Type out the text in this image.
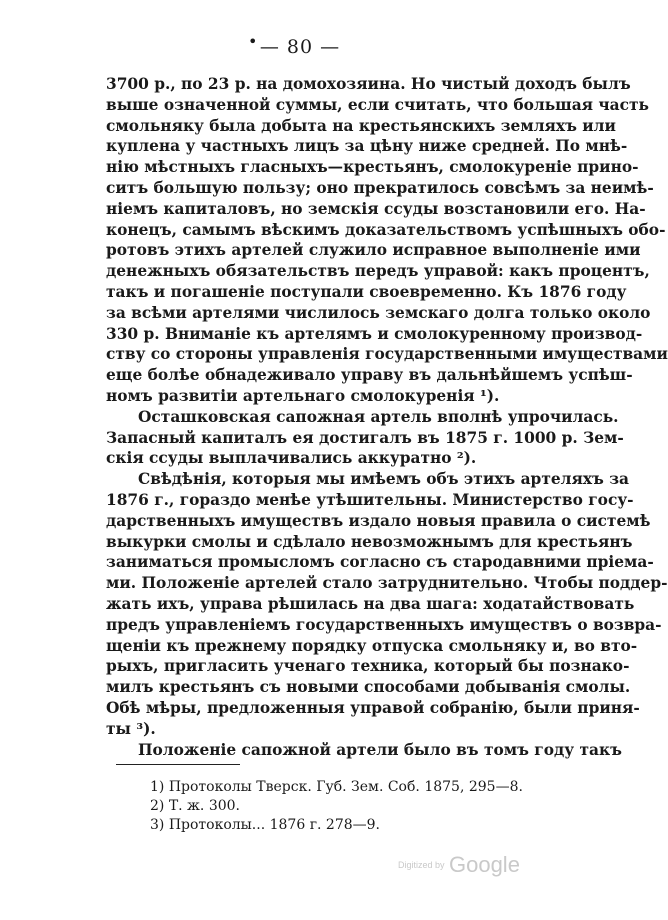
• — 80 —
3700 р., по 23 р. на домохозяина. Но чистый доходъ былъ
выше означенной суммы, если считать, что большая часть
смольняку была добыта на крестьянскихъ земляхъ или
куплена у частныхъ лицъ за цѣну ниже средней. По мнѣ-
нію мѣстныхъ гласныхъ—крестьянъ, смолокуреніе прино-
ситъ большую пользу; оно прекратилось совсѣмъ за неимѣ-
ніемъ капиталовъ, но земскія ссуды возстановили его. На-
конецъ, самымъ вѣскимъ доказательствомъ успѣшныхъ обо-
ротовъ этихъ артелей служило исправное выполненіе ими
денежныхъ обязательствъ передъ управой: какъ процентъ,
такъ и погашеніе поступали своевременно. Къ 1876 году
за всѣми артелями числилось земскаго долга только около
330 р. Вниманіе къ артелямъ и смолокуренному производ-
ству со стороны управленія государственными имуществами
еще болѣе обнадеживало управу въ дальнѣйшемъ успѣш-
номъ развитіи артельнаго смолокуренія ¹).
Осташковская сапожная артель вполнѣ упрочилась.
Запасный капиталъ ея достигалъ въ 1875 г. 1000 р. Зем-
скія ссуды выплачивались аккуратно ²).
Свѣдѣнія, которыя мы имѣемъ объ этихъ артеляхъ за
1876 г., гораздо менѣе утѣшительны. Министерство госу-
дарственныхъ имуществъ издало новыя правила о системѣ
выкурки смолы и сдѣлало невозможнымъ для крестьянъ
заниматься промысломъ согласно съ стародавними пріема-
ми. Положеніе артелей стало затруднительно. Чтобы поддер-
жать ихъ, управа рѣшилась на два шага: ходатайствовать
предъ управленіемъ государственныхъ имуществъ о возвра-
щеніи къ прежнему порядку отпуска смольняку и, во вто-
рыхъ, пригласить ученаго техника, который бы познако-
милъ крестьянъ съ новыми способами добыванія смолы.
Обѣ мѣры, предложенныя управой собранію, были приня-
ты ³).
Положеніе сапожной артели было въ томъ году такъ
1) Протоколы Тверск. Губ. Зем. Соб. 1875, 295—8.
2) Т. ж. 300.
3) Протоколы... 1876 г. 278—9.
Digitized by Google
